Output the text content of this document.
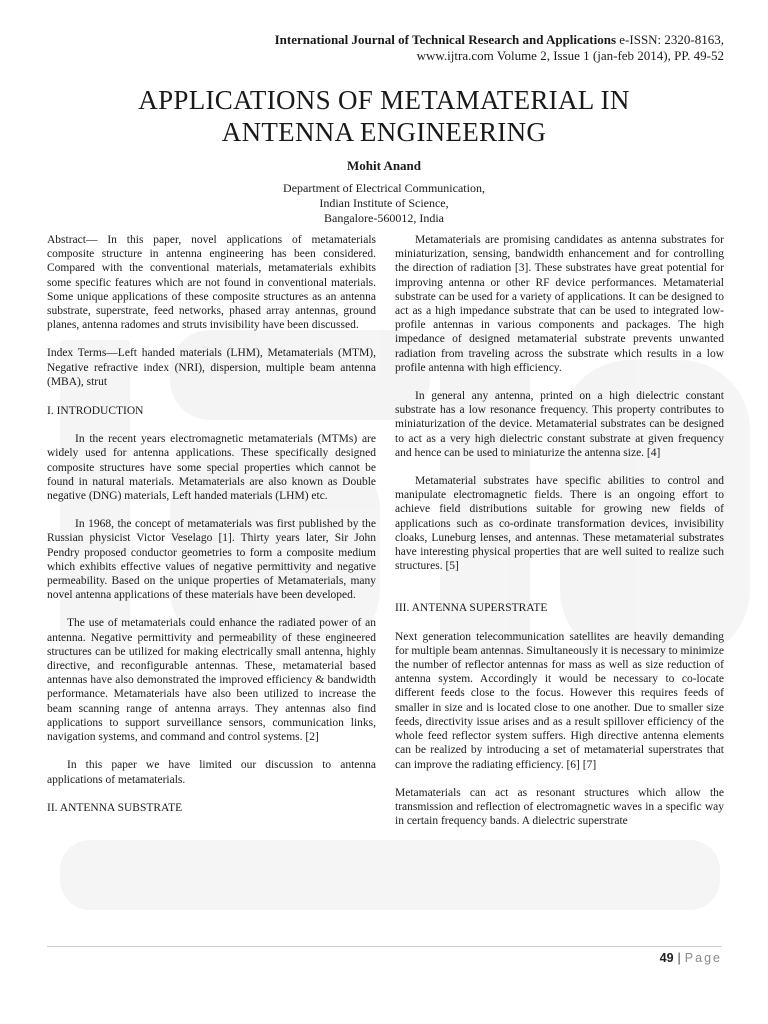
International Journal of Technical Research and Applications e-ISSN: 2320-8163,
www.ijtra.com Volume 2, Issue 1 (jan-feb 2014), PP. 49-52
APPLICATIONS OF METAMATERIAL IN
ANTENNA ENGINEERING
Mohit Anand
Department of Electrical Communication,
Indian Institute of Science,
Bangalore-560012, India

Abstract— In this paper, novel applications of metamaterials composite structure in antenna engineering has been considered. Compared with the conventional materials, metamaterials exhibits some specific features which are not found in conventional materials. Some unique applications of these composite structures as an antenna substrate, superstrate, feed networks, phased array antennas, ground planes, antenna radomes and struts invisibility have been discussed.

Index Terms—Left handed materials (LHM), Metamaterials (MTM), Negative refractive index (NRI), dispersion, multiple beam antenna (MBA), strut

I. INTRODUCTION

In the recent years electromagnetic metamaterials (MTMs) are widely used for antenna applications. These specifically designed composite structures have some special properties which cannot be found in natural materials. Metamaterials are also known as Double negative (DNG) materials, Left handed materials (LHM) etc.

In 1968, the concept of metamaterials was first published by the Russian physicist Victor Veselago [1]. Thirty years later, Sir John Pendry proposed conductor geometries to form a composite medium which exhibits effective values of negative permittivity and negative permeability. Based on the unique properties of Metamaterials, many novel antenna applications of these materials have been developed.

The use of metamaterials could enhance the radiated power of an antenna. Negative permittivity and permeability of these engineered structures can be utilized for making electrically small antenna, highly directive, and reconfigurable antennas. These, metamaterial based antennas have also demonstrated the improved efficiency & bandwidth performance. Metamaterials have also been utilized to increase the beam scanning range of antenna arrays. They antennas also find applications to support surveillance sensors, communication links, navigation systems, and command and control systems. [2]

In this paper we have limited our discussion to antenna applications of metamaterials.

II. ANTENNA SUBSTRATE

Metamaterials are promising candidates as antenna substrates for miniaturization, sensing, bandwidth enhancement and for controlling the direction of radiation [3]. These substrates have great potential for improving antenna or other RF device performances. Metamaterial substrate can be used for a variety of applications. It can be designed to act as a high impedance substrate that can be used to integrated low-profile antennas in various components and packages. The high impedance of designed metamaterial substrate prevents unwanted radiation from traveling across the substrate which results in a low profile antenna with high efficiency.

In general any antenna, printed on a high dielectric constant substrate has a low resonance frequency. This property contributes to miniaturization of the device. Metamaterial substrates can be designed to act as a very high dielectric constant substrate at given frequency and hence can be used to miniaturize the antenna size. [4]

Metamaterial substrates have specific abilities to control and manipulate electromagnetic fields. There is an ongoing effort to achieve field distributions suitable for growing new fields of applications such as co-ordinate transformation devices, invisibility cloaks, Luneburg lenses, and antennas. These metamaterial substrates have interesting physical properties that are well suited to realize such structures. [5]

III. ANTENNA SUPERSTRATE

Next generation telecommunication satellites are heavily demanding for multiple beam antennas. Simultaneously it is necessary to minimize the number of reflector antennas for mass as well as size reduction of antenna system. Accordingly it would be necessary to co-locate different feeds close to the focus. However this requires feeds of smaller in size and is located close to one another. Due to smaller size feeds, directivity issue arises and as a result spillover efficiency of the whole feed reflector system suffers. High directive antenna elements can be realized by introducing a set of metamaterial superstrates that can improve the radiating efficiency. [6] [7]

Metamaterials can act as resonant structures which allow the transmission and reflection of electromagnetic waves in a specific way in certain frequency bands. A dielectric superstrate

49 | Page
